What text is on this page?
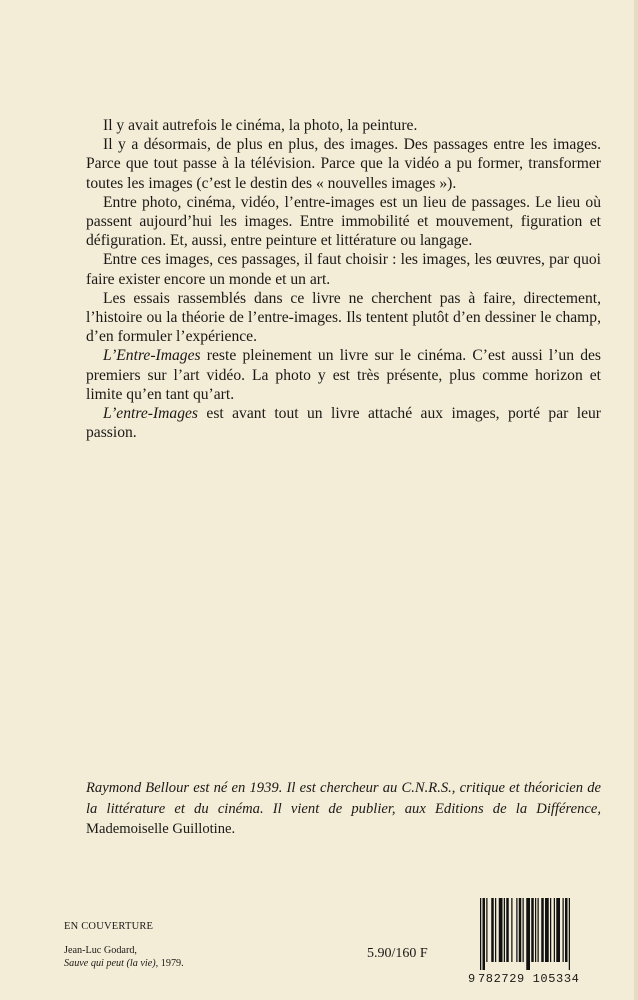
Il y avait autrefois le cinéma, la photo, la peinture.

Il y a désormais, de plus en plus, des images. Des passages entre les images. Parce que tout passe à la télévision. Parce que la vidéo a pu former, transformer toutes les images (c’est le destin des « nouvelles images »).

Entre photo, cinéma, vidéo, l’entre-images est un lieu de passages. Le lieu où passent aujourd’hui les images. Entre immobilité et mouvement, figuration et défiguration. Et, aussi, entre peinture et littérature ou langage.

Entre ces images, ces passages, il faut choisir : les images, les œuvres, par quoi faire exister encore un monde et un art.

Les essais rassemblés dans ce livre ne cherchent pas à faire, directement, l’histoire ou la théorie de l’entre-images. Ils tentent plutôt d’en dessiner le champ, d’en formuler l’expérience.

L’Entre-Images reste pleinement un livre sur le cinéma. C’est aussi l’un des premiers sur l’art vidéo. La photo y est très présente, plus comme horizon et limite qu’en tant qu’art.

L’entre-Images est avant tout un livre attaché aux images, porté par leur passion.

Raymond Bellour est né en 1939. Il est chercheur au C.N.R.S., critique et théoricien de la littérature et du cinéma. Il vient de publier, aux Editions de la Différence, Mademoiselle Guillotine.

EN COUVERTURE
Jean-Luc Godard,
Sauve qui peut (la vie), 1979.
5.90/160 F
782729 105334
9
